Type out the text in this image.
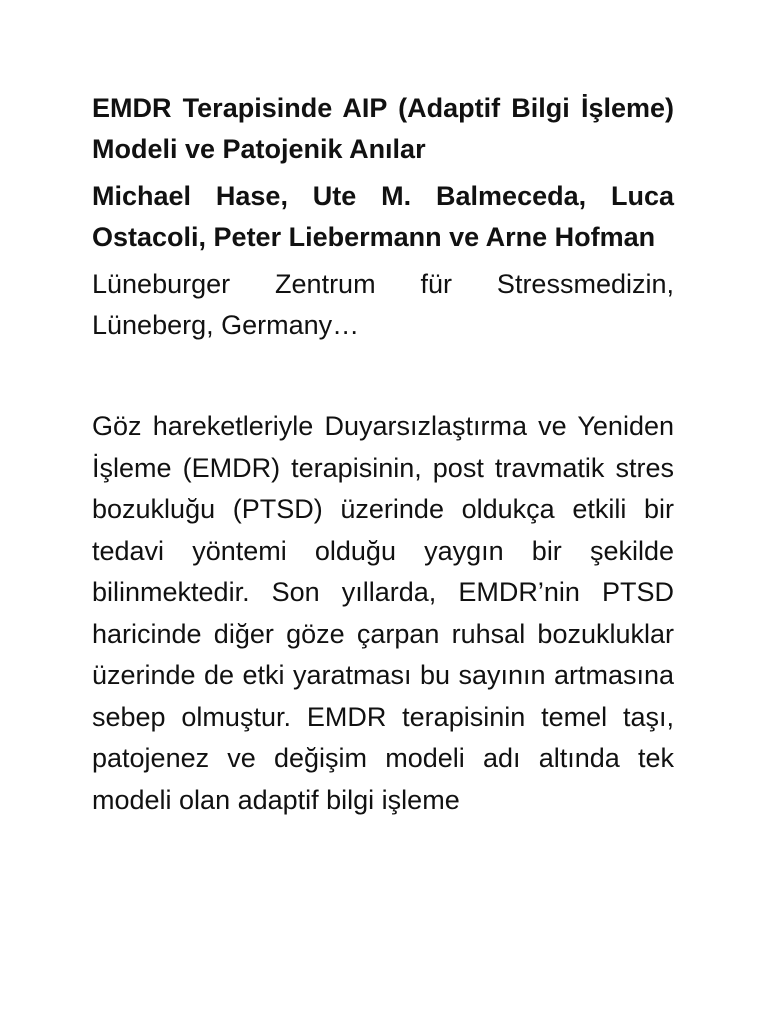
EMDR Terapisinde AIP (Adaptif Bilgi İşleme) Modeli ve Patojenik Anılar

Michael Hase, Ute M. Balmeceda, Luca Ostacoli, Peter Liebermann ve Arne Hofman

Lüneburger Zentrum für Stressmedizin, Lüneberg, Germany…

Göz hareketleriyle Duyarsızlaştırma ve Yeniden İşleme (EMDR) terapisinin, post travmatik stres bozukluğu (PTSD) üzerinde oldukça etkili bir tedavi yöntemi olduğu yaygın bir şekilde bilinmektedir. Son yıllarda, EMDR’nin PTSD haricinde diğer göze çarpan ruhsal bozukluklar üzerinde de etki yaratması bu sayının artmasına sebep olmuştur. EMDR terapisinin temel taşı, patojenez ve değişim modeli adı altında tek modeli olan adaptif bilgi işleme
